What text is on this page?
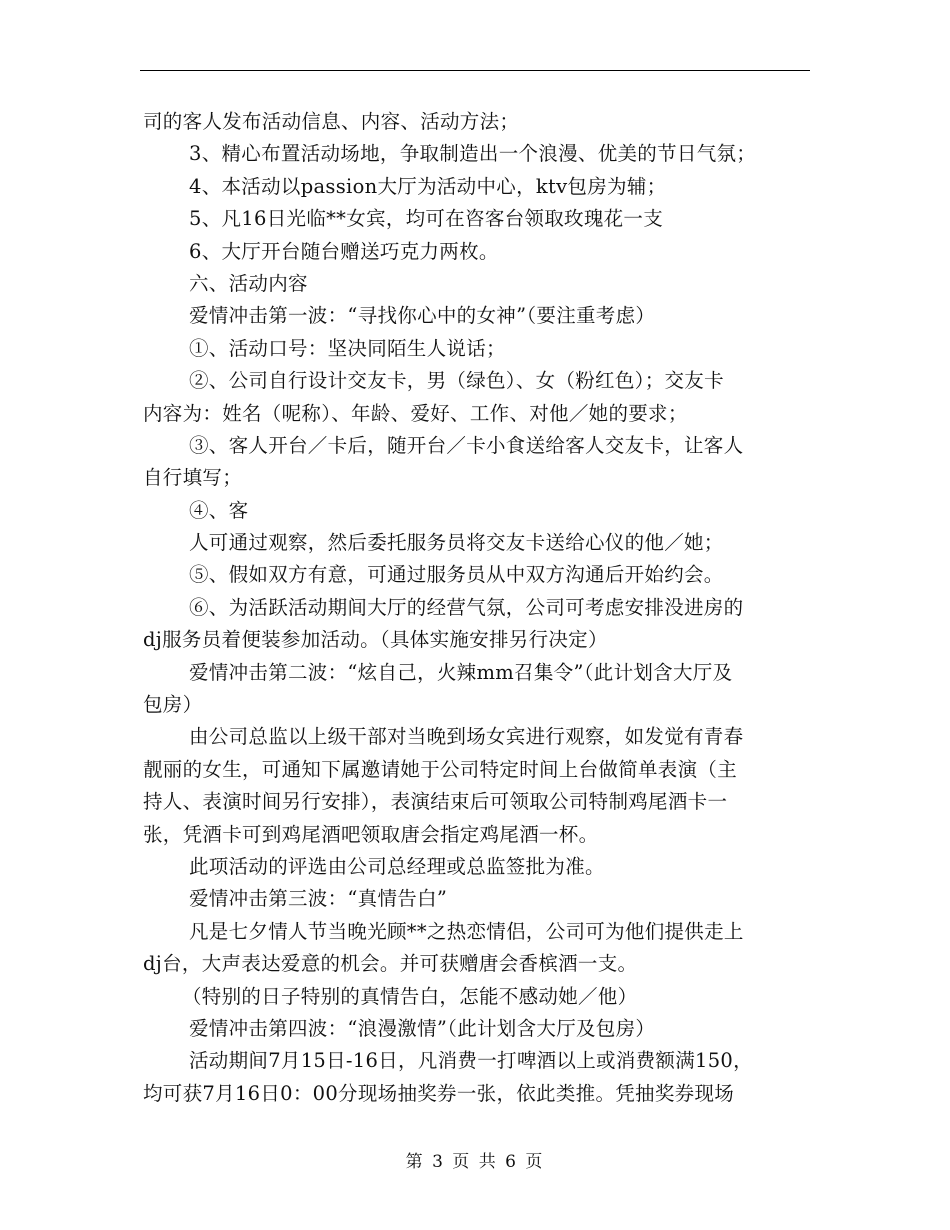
司的客人发布活动信息、内容、活动方法；
3、精心布置活动场地，争取制造出一个浪漫、优美的节日气氛；
4、本活动以passion大厅为活动中心，ktv包房为辅；
5、凡16日光临**女宾，均可在咨客台领取玫瑰花一支
6、大厅开台随台赠送巧克力两枚。
六、活动内容
爱情冲击第一波：“寻找你心中的女神”（要注重考虑）
①、活动口号：坚决同陌生人说话；
②、公司自行设计交友卡，男（绿色）、女（粉红色）；交友卡
内容为：姓名（呢称）、年龄、爱好、工作、对他／她的要求；
③、客人开台／卡后，随开台／卡小食送给客人交友卡，让客人
自行填写；
④、客
人可通过观察，然后委托服务员将交友卡送给心仪的他／她；
⑤、假如双方有意，可通过服务员从中双方沟通后开始约会。
⑥、为活跃活动期间大厅的经营气氛，公司可考虑安排没进房的
dj服务员着便装参加活动。（具体实施安排另行决定）
爱情冲击第二波：“炫自己，火辣mm召集令”（此计划含大厅及
包房）
由公司总监以上级干部对当晚到场女宾进行观察，如发觉有青春
靓丽的女生，可通知下属邀请她于公司特定时间上台做简单表演（主
持人、表演时间另行安排），表演结束后可领取公司特制鸡尾酒卡一
张，凭酒卡可到鸡尾酒吧领取唐会指定鸡尾酒一杯。
此项活动的评选由公司总经理或总监签批为准。
爱情冲击第三波：“真情告白”
凡是七夕情人节当晚光顾**之热恋情侣，公司可为他们提供走上
dj台，大声表达爱意的机会。并可获赠唐会香槟酒一支。
（特别的日子特别的真情告白，怎能不感动她／他）
爱情冲击第四波：“浪漫激情”（此计划含大厅及包房）
活动期间7月15日-16日，凡消费一打啤酒以上或消费额满150，
均可获7月16日0：00分现场抽奖券一张，依此类推。凭抽奖券现场
第 3 页 共 6 页
